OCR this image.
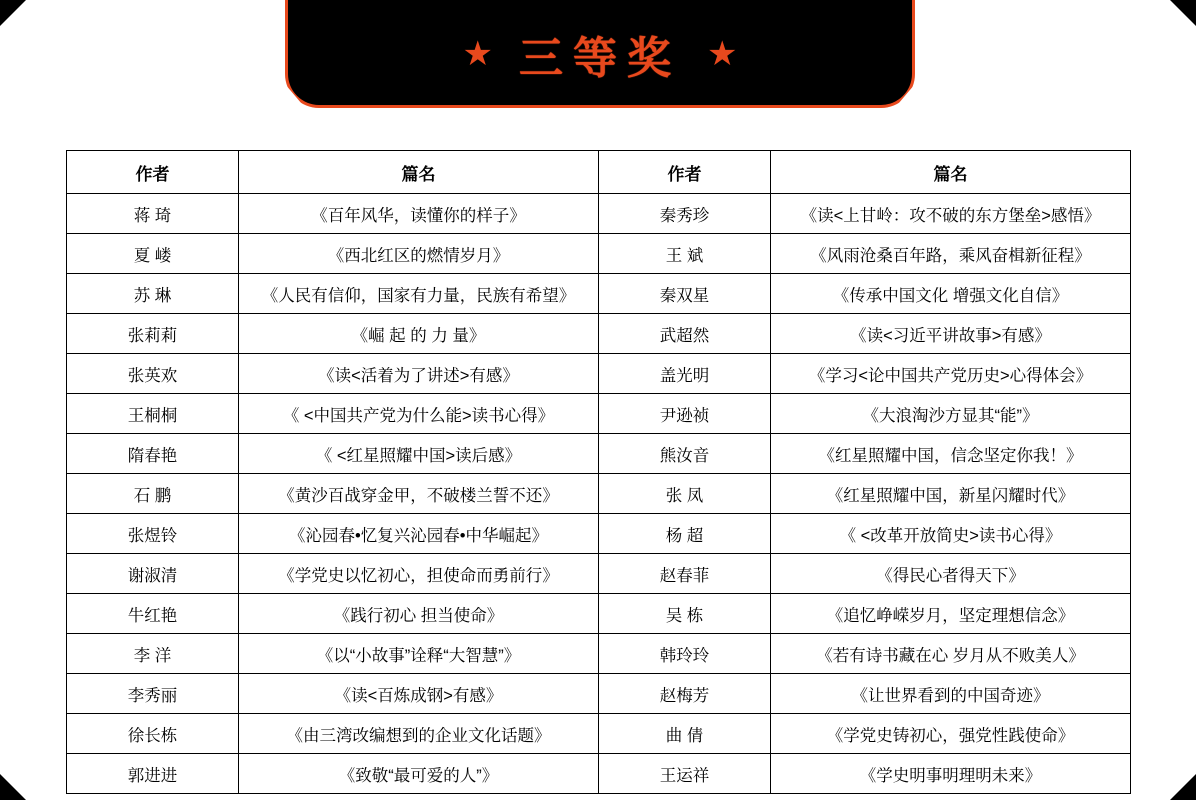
★ 三等奖 ★
作者	篇名	作者	篇名
蒋 琦	《百年风华，读懂你的样子》	秦秀珍	《读<上甘岭：攻不破的东方堡垒>感悟》
夏 嵝	《西北红区的燃情岁月》	王 斌	《风雨沧桑百年路，乘风奋楫新征程》
苏 琳	《人民有信仰，国家有力量，民族有希望》	秦双星	《传承中国文化 增强文化自信》
张莉莉	《崛 起 的 力 量》	武超然	《读<习近平讲故事>有感》
张英欢	《读<活着为了讲述>有感》	盖光明	《学习<论中国共产党历史>心得体会》
王桐桐	《 <中国共产党为什么能>读书心得》	尹逊祯	《大浪淘沙方显其“能”》
隋春艳	《 <红星照耀中国>读后感》	熊汝音	《红星照耀中国，信念坚定你我！》
石 鹏	《黄沙百战穿金甲，不破楼兰誓不还》	张 凤	《红星照耀中国，新星闪耀时代》
张煜铃	《沁园春•忆复兴沁园春•中华崛起》	杨 超	《 <改革开放简史>读书心得》
谢淑清	《学党史以忆初心，担使命而勇前行》	赵春菲	《得民心者得天下》
牛红艳	《践行初心 担当使命》	吴 栋	《追忆峥嵘岁月，坚定理想信念》
李 洋	《以“小故事”诠释“大智慧”》	韩玲玲	《若有诗书藏在心 岁月从不败美人》
李秀丽	《读<百炼成钢>有感》	赵梅芳	《让世界看到的中国奇迹》
徐长栋	《由三湾改编想到的企业文化话题》	曲 倩	《学党史铸初心，强党性践使命》
郭进进	《致敬“最可爱的人”》	王运祥	《学史明事明理明未来》
